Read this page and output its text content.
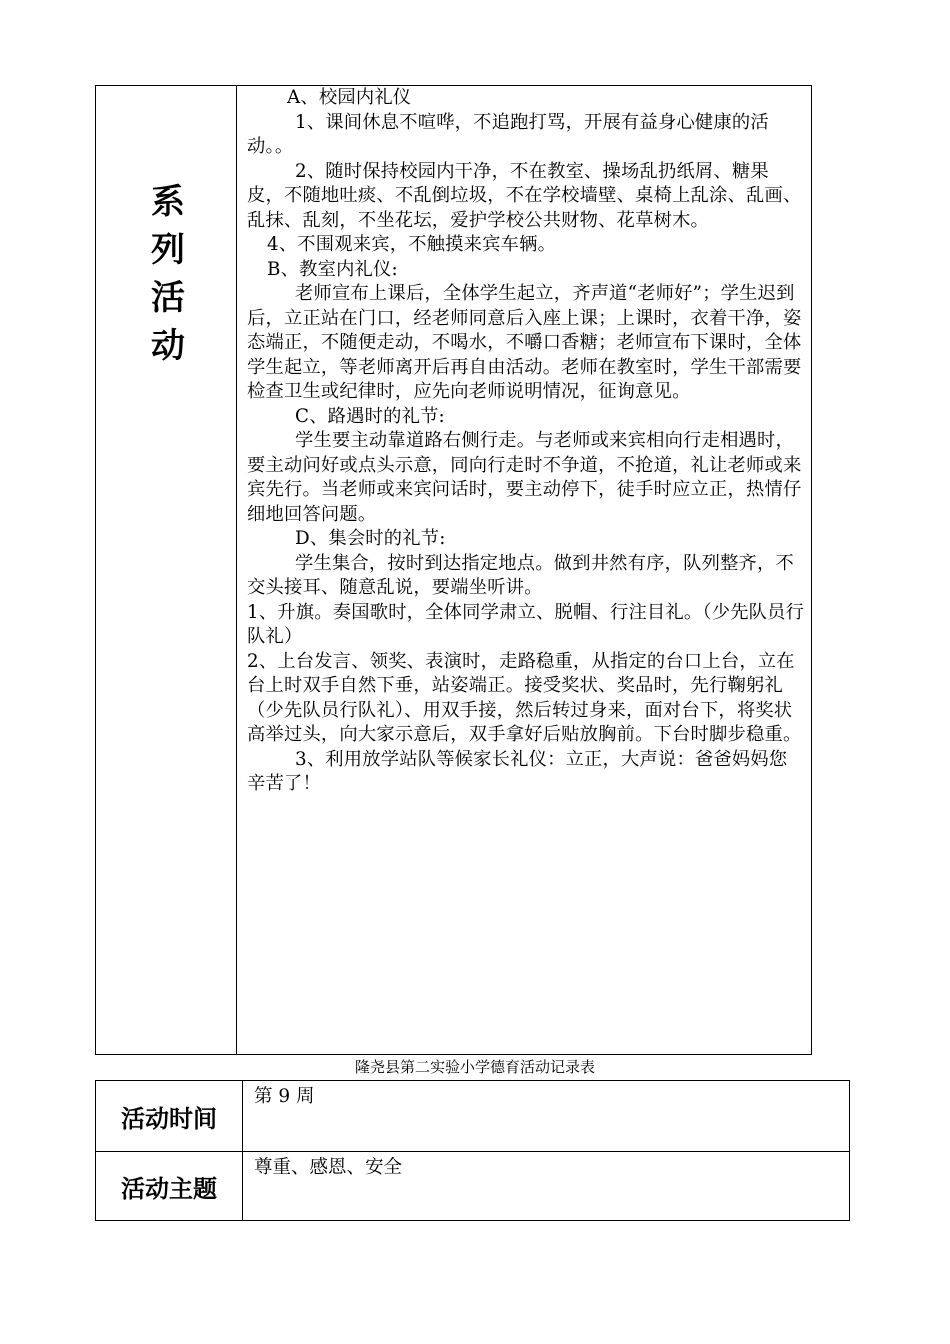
系
列
活
动

A、校园内礼仪

1、课间休息不喧哗，不追跑打骂，开展有益身心健康的活动。。

2、随时保持校园内干净，不在教室、操场乱扔纸屑、糖果皮，不随地吐痰、不乱倒垃圾，不在学校墙壁、桌椅上乱涂、乱画、乱抹、乱刻，不坐花坛，爱护学校公共财物、花草树木。

4、不围观来宾，不触摸来宾车辆。

B、教室内礼仪:

老师宣布上课后，全体学生起立，齐声道“老师好”；学生迟到后，立正站在门口，经老师同意后入座上课；上课时，衣着干净，姿态端正，不随便走动，不喝水，不嚼口香糖；老师宣布下课时，全体学生起立，等老师离开后再自由活动。老师在教室时，学生干部需要检查卫生或纪律时，应先向老师说明情况，征询意见。

C、路遇时的礼节:

学生要主动靠道路右侧行走。与老师或来宾相向行走相遇时，要主动问好或点头示意，同向行走时不争道，不抢道，礼让老师或来宾先行。当老师或来宾问话时，要主动停下，徒手时应立正，热情仔细地回答问题。

D、集会时的礼节:

学生集合，按时到达指定地点。做到井然有序，队列整齐，不交头接耳、随意乱说，要端坐听讲。

1、升旗。奏国歌时，全体同学肃立、脱帽、行注目礼。（少先队员行队礼）

2、上台发言、领奖、表演时，走路稳重，从指定的台口上台，立在台上时双手自然下垂，站姿端正。接受奖状、奖品时，先行鞠躬礼（少先队员行队礼）、用双手接，然后转过身来，面对台下，将奖状高举过头，向大家示意后，双手拿好后贴放胸前。下台时脚步稳重。

3、利用放学站队等候家长礼仪：立正，大声说：爸爸妈妈您辛苦了！

隆尧县第二实验小学德育活动记录表
活动时间
第 9 周
活动主题
尊重、感恩、安全
